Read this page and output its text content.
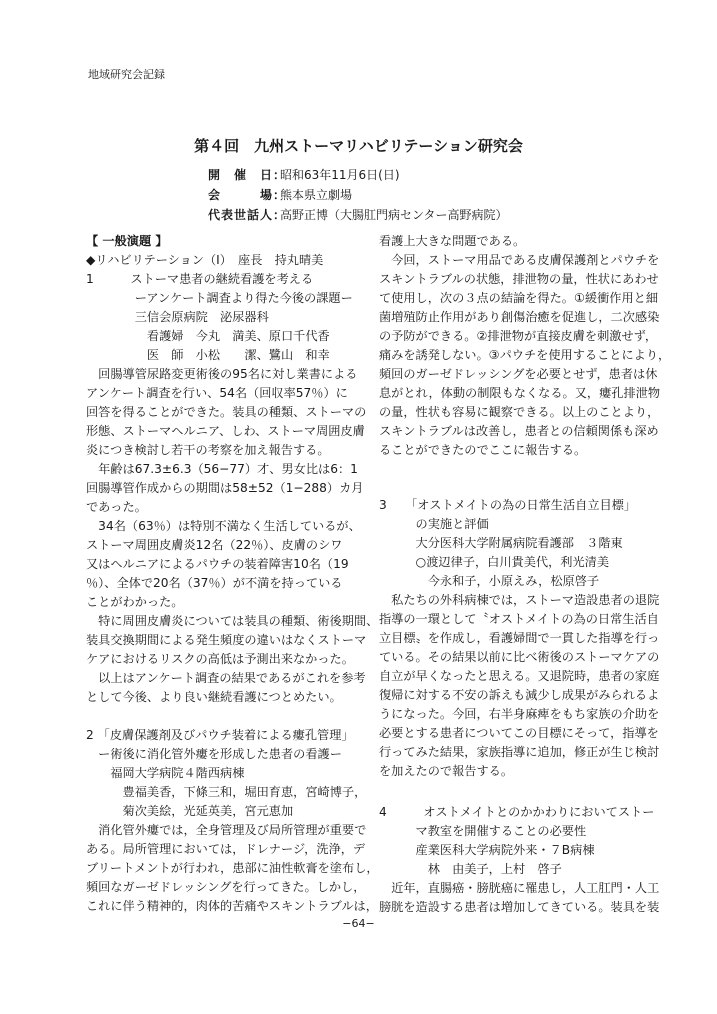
地域研究会記録
第４回　九州ストーマリハビリテーション研究会
開　催　日：昭和63年11月6日(日)
会　　　場：熊本県立劇場
代表世話人：高野正博（大腸肛門病センター高野病院）
【 一般演題 】
◆リハビリテーション（Ⅰ）　座長　持丸晴美
1　　　ストーマ患者の継続看護を考える
　　　　ーアンケート調査より得た今後の課題ー
　　　　三信会原病院　泌尿器科
　　　　　看護婦　今丸　満美、原口千代香
　　　　　医　師　小松　　潔、鷺山　和幸
　回腸導管尿路変更術後の95名に対し業書による
アンケート調査を行い、54名（回収率57％）に
回答を得ることができた。装具の種類、ストーマの
形態、ストーマヘルニア、しわ、ストーマ周囲皮膚
炎につき検討し若干の考察を加え報告する。
　年齢は67.3±6.3（56−77）才、男女比は6：1
回腸導管作成からの期間は58±52（1−288）カ月
であった。
　34名（63％）は特別不満なく生活しているが、
ストーマ周囲皮膚炎12名（22％）、皮膚のシワ
又はヘルニアによるパウチの装着障害10名（19
％）、全体で20名（37％）が不満を持っている
ことがわかった。
　特に周囲皮膚炎については装具の種類、術後期間、
装具交換期間による発生頻度の違いはなくストーマ
ケアにおけるリスクの高低は予測出来なかった。
　以上はアンケート調査の結果であるがこれを参考
として今後、より良い継続看護につとめたい。
2 「皮膚保護剤及びパウチ装着による瘻孔管理」
　ー術後に消化管外瘻を形成した患者の看護ー
　　福岡大学病院４階西病棟
　　　豊福美香，下條三和，堀田育恵，宮崎博子，
　　　菊次美絵，光延英美，宮元恵加
　消化管外瘻では，全身管理及び局所管理が重要で
ある。局所管理においては，ドレナージ，洗浄，デ
ブリートメントが行われ，患部に油性軟膏を塗布し，
頻回なガーゼドレッシングを行ってきた。しかし，
これに伴う精神的，肉体的苦痛やスキントラブルは，
看護上大きな問題である。
　今回，ストーマ用品である皮膚保護剤とパウチを
スキントラブルの状態，排泄物の量，性状にあわせ
て使用し，次の３点の結論を得た。①緩衝作用と細
菌増殖防止作用があり創傷治癒を促進し，二次感染
の予防ができる。②排泄物が直接皮膚を刺激せず，
痛みを誘発しない。③パウチを使用することにより，
頻回のガーゼドレッシングを必要とせず，患者は休
息がとれ，体動の制限もなくなる。又，瘻孔排泄物
の量，性状も容易に観察できる。以上のことより，
スキントラブルは改善し，患者との信頼関係も深め
ることができたのでここに報告する。
3　　「オストメイトの為の日常生活自立目標」
　　　の実施と評価
　　　大分医科大学附属病院看護部　３階東
　　　○渡辺律子，白川貴美代，利光清美
　　　　今永和子，小原えみ，松原啓子
　私たちの外科病棟では，ストーマ造設患者の退院
指導の一環として〝オストメイトの為の日常生活自
立目標〟を作成し，看護婦間で一貫した指導を行っ
ている。その結果以前に比べ術後のストーマケアの
自立が早くなったと思える。又退院時，患者の家庭
復帰に対する不安の訴えも減少し成果がみられるよ
うになった。今回，右半身麻痺をもち家族の介助を
必要とする患者についてこの目標にそって，指導を
行ってみた結果，家族指導に追加，修正が生じ検討
を加えたので報告する。
4　　　オストメイトとのかかわりにおいてストー
　　　マ教室を開催することの必要性
　　　産業医科大学病院外来・７B病棟
　　　　林　由美子，上村　啓子
　近年，直腸癌・膀胱癌に罹患し，人工肛門・人工
膀胱を造設する患者は増加してきている。装具を装
−64−
